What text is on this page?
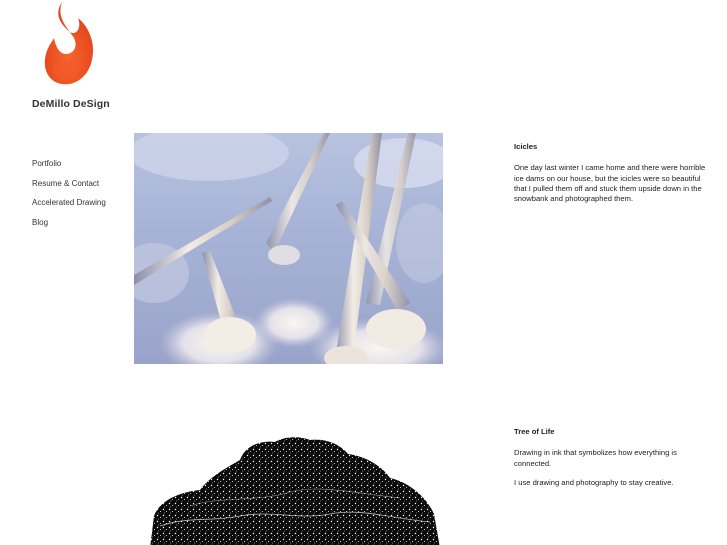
DeMillo DeSign
Portfolio
Resume & Contact
Accelerated Drawing
Blog
Icicles

One day last winter I came home and there were horrible ice dams on our house, but the icicles were so beautiful that I pulled them off and stuck them upside down in the snowbank and photographed them.

Tree of Life

Drawing in ink that symbolizes how everything is connected.

I use drawing and photography to stay creative.
